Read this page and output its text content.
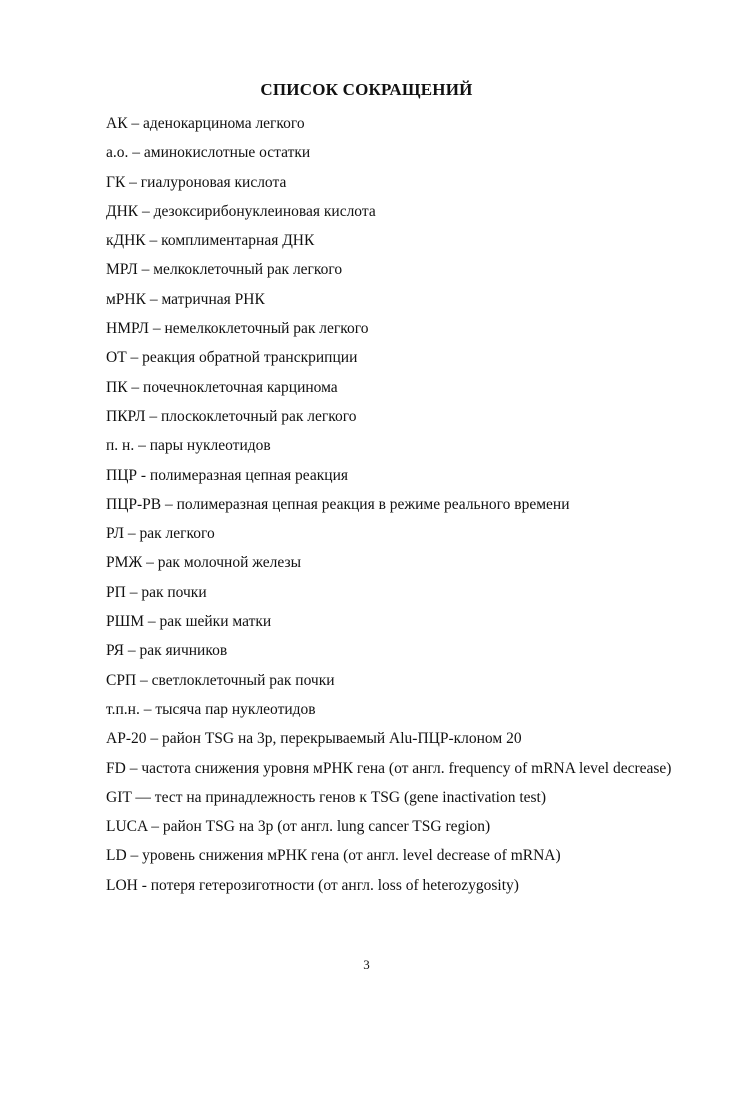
СПИСОК СОКРАЩЕНИЙ
АК – аденокарцинома легкого
а.о. – аминокислотные остатки
ГК – гиалуроновая кислота
ДНК – дезоксирибонуклеиновая кислота
кДНК – комплиментарная ДНК
МРЛ – мелкоклеточный рак легкого
мРНК – матричная РНК
НМРЛ – немелкоклеточный рак легкого
ОТ – реакция обратной транскрипции
ПК – почечноклеточная карцинома
ПКРЛ – плоскоклеточный рак легкого
п. н. – пары нуклеотидов
ПЦР - полимеразная цепная реакция
ПЦР-РВ – полимеразная цепная реакция в режиме реального времени
РЛ – рак легкого
РМЖ – рак молочной железы
РП – рак почки
РШМ – рак шейки матки
РЯ – рак яичников
СРП – светлоклеточный рак почки
т.п.н. – тысяча пар нуклеотидов
AP-20 – район TSG на 3р, перекрываемый Alu-ПЦР-клоном 20
FD – частота снижения уровня мРНК гена (от англ. frequency of mRNA level decrease)
GIT — тест на принадлежность генов к TSG (gene inactivation test)
LUCA – район TSG на 3р (от англ. lung cancer TSG region)
LD – уровень снижения мРНК гена (от англ. level decrease of mRNA)
LOH - потеря гетерозиготности (от англ. loss of heterozygosity)
3
